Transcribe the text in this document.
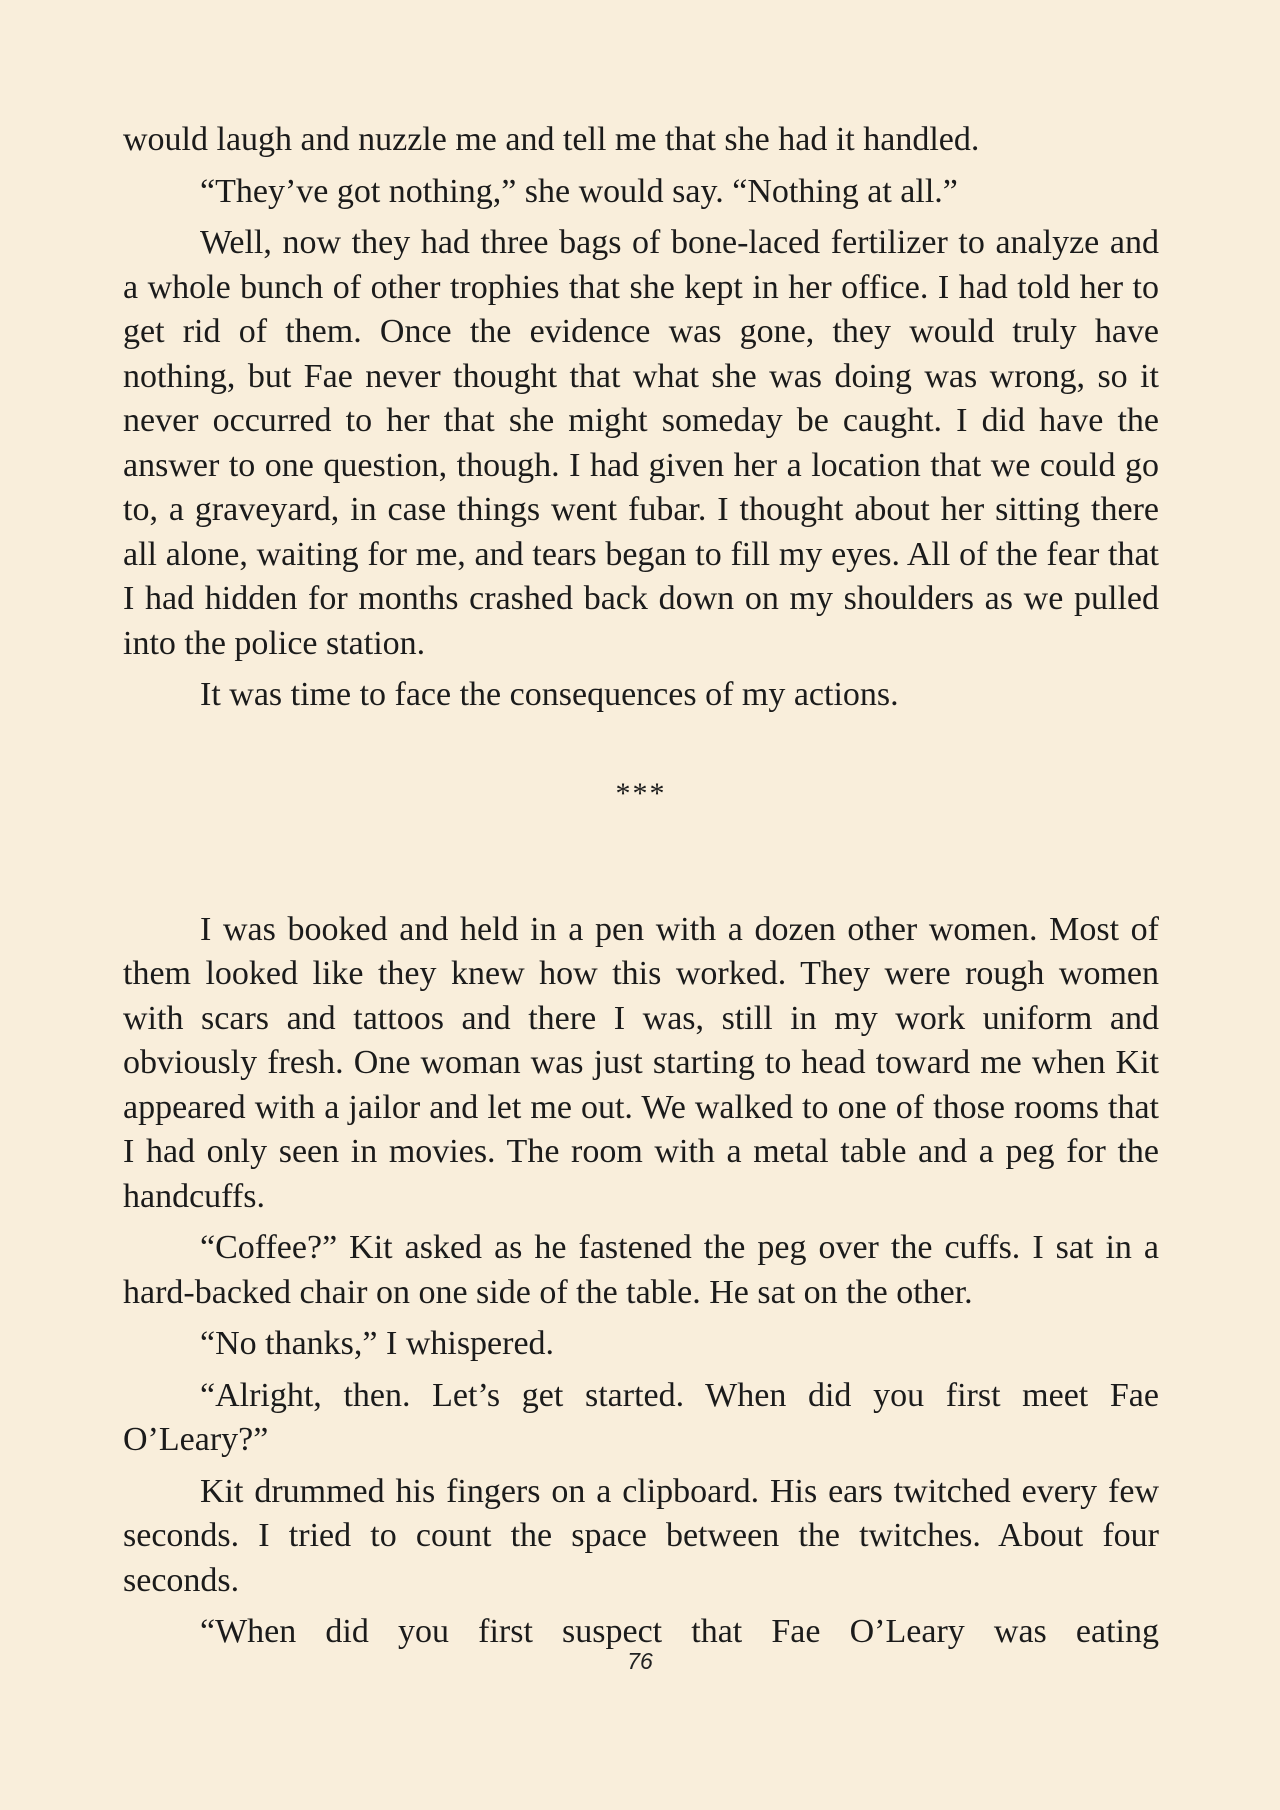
would laugh and nuzzle me and tell me that she had it handled.

“They’ve got nothing,” she would say. “Nothing at all.”

Well, now they had three bags of bone-laced fertilizer to analyze and a whole bunch of other trophies that she kept in her office. I had told her to get rid of them. Once the evidence was gone, they would truly have nothing, but Fae never thought that what she was doing was wrong, so it never occurred to her that she might someday be caught. I did have the answer to one question, though. I had given her a location that we could go to, a graveyard, in case things went fubar. I thought about her sitting there all alone, waiting for me, and tears began to fill my eyes. All of the fear that I had hidden for months crashed back down on my shoulders as we pulled into the police station.

It was time to face the consequences of my actions.

***

I was booked and held in a pen with a dozen other women. Most of them looked like they knew how this worked. They were rough women with scars and tattoos and there I was, still in my work uniform and obviously fresh. One woman was just starting to head toward me when Kit appeared with a jailor and let me out. We walked to one of those rooms that I had only seen in movies. The room with a metal table and a peg for the handcuffs.

“Coffee?” Kit asked as he fastened the peg over the cuffs. I sat in a hard-backed chair on one side of the table. He sat on the other.

“No thanks,” I whispered.

“Alright, then. Let’s get started. When did you first meet Fae O’Leary?”

Kit drummed his fingers on a clipboard. His ears twitched every few seconds. I tried to count the space between the twitches. About four seconds.

“When did you first suspect that Fae O’Leary was eating

76
